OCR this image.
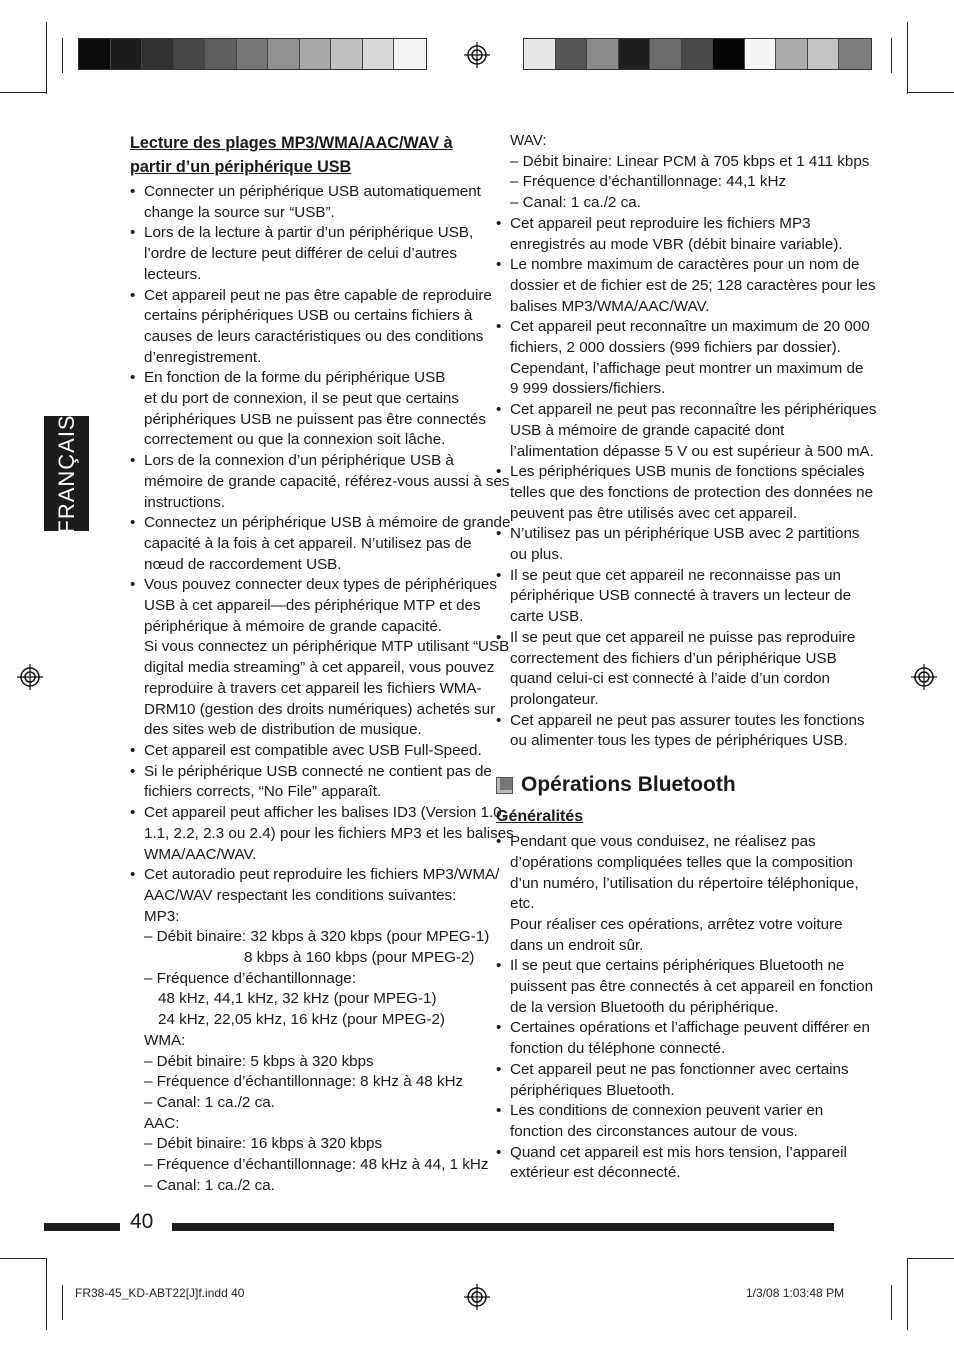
FRANÇAIS
Lecture des plages MP3/WMA/AAC/WAV à
partir d’un périphérique USB
• Connecter un périphérique USB automatiquement
change la source sur “USB”.
• Lors de la lecture à partir d’un périphérique USB,
l’ordre de lecture peut différer de celui d’autres
lecteurs.
• Cet appareil peut ne pas être capable de reproduire
certains périphériques USB ou certains fichiers à
causes de leurs caractéristiques ou des conditions
d’enregistrement.
• En fonction de la forme du périphérique USB
et du port de connexion, il se peut que certains
périphériques USB ne puissent pas être connectés
correctement ou que la connexion soit lâche.
• Lors de la connexion d’un périphérique USB à
mémoire de grande capacité, référez-vous aussi à ses
instructions.
• Connectez un périphérique USB à mémoire de grande
capacité à la fois à cet appareil. N’utilisez pas de
nœud de raccordement USB.
• Vous pouvez connecter deux types de périphériques
USB à cet appareil—des périphérique MTP et des
périphérique à mémoire de grande capacité.
Si vous connectez un périphérique MTP utilisant “USB
digital media streaming” à cet appareil, vous pouvez
reproduire à travers cet appareil les fichiers WMA-
DRM10 (gestion des droits numériques) achetés sur
des sites web de distribution de musique.
• Cet appareil est compatible avec USB Full-Speed.
• Si le périphérique USB connecté ne contient pas de
fichiers corrects, “No File” apparaît.
• Cet appareil peut afficher les balises ID3 (Version 1.0,
1.1, 2.2, 2.3 ou 2.4) pour les fichiers MP3 et les balises
WMA/AAC/WAV.
• Cet autoradio peut reproduire les fichiers MP3/WMA/
AAC/WAV respectant les conditions suivantes:
MP3:
– Débit binaire: 32 kbps à 320 kbps (pour MPEG-1)
8 kbps à 160 kbps (pour MPEG-2)
– Fréquence d’échantillonnage:
48 kHz, 44,1 kHz, 32 kHz (pour MPEG-1)
24 kHz, 22,05 kHz, 16 kHz (pour MPEG-2)
WMA:
– Débit binaire: 5 kbps à 320 kbps
– Fréquence d’échantillonnage: 8 kHz à 48 kHz
– Canal: 1 ca./2 ca.
AAC:
– Débit binaire: 16 kbps à 320 kbps
– Fréquence d’échantillonnage: 48 kHz à 44, 1 kHz
– Canal: 1 ca./2 ca.
WAV:
– Débit binaire: Linear PCM à 705 kbps et 1 411 kbps
– Fréquence d’échantillonnage: 44,1 kHz
– Canal: 1 ca./2 ca.
• Cet appareil peut reproduire les fichiers MP3
enregistrés au mode VBR (débit binaire variable).
• Le nombre maximum de caractères pour un nom de
dossier et de fichier est de 25; 128 caractères pour les
balises MP3/WMA/AAC/WAV.
• Cet appareil peut reconnaître un maximum de 20 000
fichiers, 2 000 dossiers (999 fichiers par dossier).
Cependant, l’affichage peut montrer un maximum de
9 999 dossiers/fichiers.
• Cet appareil ne peut pas reconnaître les périphériques
USB à mémoire de grande capacité dont
l’alimentation dépasse 5 V ou est supérieur à 500 mA.
• Les périphériques USB munis de fonctions spéciales
telles que des fonctions de protection des données ne
peuvent pas être utilisés avec cet appareil.
• N’utilisez pas un périphérique USB avec 2 partitions
ou plus.
• Il se peut que cet appareil ne reconnaisse pas un
périphérique USB connecté à travers un lecteur de
carte USB.
• Il se peut que cet appareil ne puisse pas reproduire
correctement des fichiers d’un périphérique USB
quand celui-ci est connecté à l’aide d’un cordon
prolongateur.
• Cet appareil ne peut pas assurer toutes les fonctions
ou alimenter tous les types de périphériques USB.
Opérations Bluetooth
Généralités
• Pendant que vous conduisez, ne réalisez pas
d’opérations compliquées telles que la composition
d’un numéro, l’utilisation du répertoire téléphonique,
etc.
Pour réaliser ces opérations, arrêtez votre voiture
dans un endroit sûr.
• Il se peut que certains périphériques Bluetooth ne
puissent pas être connectés à cet appareil en fonction
de la version Bluetooth du périphérique.
• Certaines opérations et l’affichage peuvent différer en
fonction du téléphone connecté.
• Cet appareil peut ne pas fonctionner avec certains
périphériques Bluetooth.
• Les conditions de connexion peuvent varier en
fonction des circonstances autour de vous.
• Quand cet appareil est mis hors tension, l’appareil
extérieur est déconnecté.
40
FR38-45_KD-ABT22[J]f.indd 40	1/3/08 1:03:48 PM
